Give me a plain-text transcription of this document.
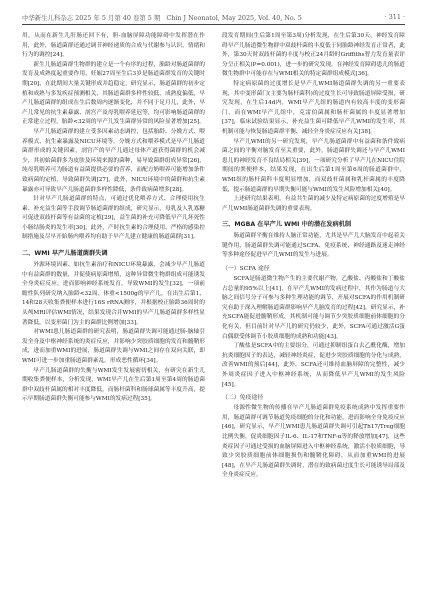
中华新生儿科杂志 2025 年 5 月第 40 卷第 5 期 Chin J Neonatol, May 2025, Vol. 40, No. 5	· 311 ·

用，从而在新生儿肝肠还回下有，胆-血脑屏障功能障碍中发挥潜在作用，此外，肠道菌群还通过调节神经递质的合成与代谢参与认识，情绪和行为的调控[24]。

新生儿肠道菌群生物群的建立是一个有序的过程，胎龄对肠道菌群的发育及成熟度起重要作用，妊娠27周至生后3岁是肠道菌群发育的关键时期[20]，在此期间大量关键形成并趋稳定，研究显示，肠道菌群的初步定植和成熟与多发疾症预测相关，其肠道菌群多样性较低，成熟度偏低，早产儿肠道菌群的组成在生后数周内逐渐变化，并不同于足月儿，此外，早产儿常见的抗生素暴露、剖宫产及母乳喂养延迟等，均可影响肠道菌群的正常建立过程，胎龄<32周的早产儿发生菌群异常的风险显著增加[25]。

早产儿肠道菌群的建立受多因素动态调控，包括胎龄、分娩方式、喂养模式、抗生素暴露及NICU环境等。分娩方式和喂养模式是早产儿肠道菌群形成的关键因素，剖宫产的早产儿通过母体产道获得菌群的机会减少，其初始菌群多为皮肤及环境来源的菌种，易导致菌群组成异常[26]，纯母乳喂养可为肠道有益菌提供必要的营养，而配方奶喂养可能增加条件致病菌的定植，导致菌群失调[27]，此外，NICU环境中的菌群和抗生素暴露亦可导致早产儿肠道菌群多样性降低，条件致病菌增多[28]。

针对早产儿肠道菌群的特点，可通过优化喂养方式、合理使用抗生素、补充益生菌等手段调节肠道菌群的组成，研究显示，母乳及人乳寡糖可促进双歧杆菌等有益菌的定植[29]，益生菌的补充可降低早产儿坏死性小肠结肠炎的发生率[30]，此外，产时抗生素的合理使用、严格的感染控制措施及尽早开始肠内喂养均有助于早产儿建立健康的肠道菌群[31]。

二、WMI 早产儿肠道菌群失调

外源环境因素、如抗生素治疗和NICU环境暴露，会减少早产儿肠道中有益菌群的数量，并促使病原菌增殖，这种异常微生物群组成可能诱发全身炎症反应，进而影响神经系统发育，导致WMI的发生[32]，一项前瞻性队列研究纳入胎龄<32周、体重<1500g的早产儿，在出生后第1、14和28天收集粪便样本进行16S rRNA测序，并根据校正胎龄36周时的头颅MRI评估WMI情况，结果发现合并WMI的早产儿肠道菌群多样性显著降低，以变形菌门为主的菌群比例增加[33]。

对WMI患儿肠道菌群的研究表明，肠道菌群失调可能通过肠-脑轴引发全身及中枢神经系统的炎症反应，并影响少突胶质细胞的发育和髓鞘形成，进而加重WMI的进展，肠道菌群失调与WMI之间存在双向关联，即WMI可进一步加重肠道菌群紊乱，形成恶性循环[34]。

早产儿肠道菌群的失衡与WMI发生发展密切相关，有研究在新生儿期收集粪便样本，分析发现，WMI早产儿在生后第1周至第4周的肠道菌群中双歧杆菌属的相对丰度降低，而肠杆菌科和肠球菌属等丰度升高，提示早期肠道菌群失衡可能参与WMI的发病过程[35]。

段发育期间(生后第1周至第3周)分析发现，在生后第30天，神经发育障碍早产儿肠道微生物群中双歧杆菌的丰度低于同胎龄神经发育正常者，此外，第30天时双歧杆菌的丰度与校正24月龄时Griffiths智力发育量表评分呈正相关(P=0.001)，进一步的研究发现，在神经发育障碍患儿的肠道微生物群中可能存在与WMI相关的特定菌群组成模式[36]。

特定病原菌的过度增长是早产儿WMI肠道菌群失调的另一重要表现，其中变形菌门(主要为肠杆菌科)的过度生长可导致肠道屏障受损，研究发现，在生后14d内，WMI早产儿组的肠道内有较高丰度的变形菌门，而在WMI早产儿组中，克雷伯菌属和肠杆菌属的丰度显著增加[37]，临床试验结果显示，补充益生菌可降低早产儿WMI的发生率，其机制可能与恢复肠道菌群平衡、减轻全身炎症反应有关[38]。

早产儿WMI的另一研究发现，早产儿肠道菌群中有益菌和条件致病菌之间的平衡对脑发育至关重要，此外，肠道菌群失调还与早产儿WMI患儿的神经发育不良结局相关[39]，一项研究分析了早产儿在NICU住院期间的粪便样本，结果发现，在出生后第1周至第6周的肠道菌群中，WMI组的肠杆菌科丰度明显增加，而双歧杆菌属和乳杆菌属的丰度降低，提示肠道菌群的早期失衡可能与WMI的发生风险增加相关[40]。

上述研究结果表明，有益共生菌的减少及特定病原菌的过度增殖是早产儿WMI肠道菌群失调的重要表现。

三、MGBA 在早产儿 WMI 中的潜在发病机制

肠道菌群平衡在维持人脑正常功能，尤其是早产儿大脑发育中起着关键作用，肠道菌群失调可能通过SCFA、免疫系统、神经通路及迷走神经等多种途径促进早产儿WMI的发生与进展。

（一）SCFA 途径

SCFA是肠道微生物产生的主要代谢产物，乙酸盐、丙酸盐和丁酸盐占总量的95%以上[41]，在早产儿WMI的发病过程中，其作为肠道与大脑之间信号分子可参与多种生理功能的调节，开展对SCFA的作用机制研究有助于深入理解肠道菌群影响早产儿脑发育的过程[42]，研究显示，补充SCFA能促进髓鞘形成，其机制可能与调节少突胶质细胞前体细胞的分化有关，但目前针对早产儿的研究仍较少，此外，SCFA可通过激活G蛋白偶联受体调节小胶质细胞的成熟和功能[43]。

丁酸盐是SCFA中的主要组分，可通过抑制组蛋白去乙酰化酶，增加抗炎细胞因子的表达，减轻神经炎症，促进少突胶质细胞的分化与成熟，改善WMI的预后[44]，此外，SCFA还可维持血脑屏障的完整性，减少外周炎症因子进入中枢神经系统，从而降低早产儿WMI的发生风险[45]。

（二）免疫途径

母源性微生物的传播在早产儿肠道菌群免疫系统成熟中发挥重要作用，肠道菌群可调节肠道免疫细胞的分化和功能，进而影响全身免疫反应[46]，研究显示，早产儿WMI患儿肠道菌群失调可引起Th17/Treg细胞比例失衡，促炎细胞因子IL-6、IL-17和TNF-α等的释放增加[47]，这些炎症因子可通过受损的血脑屏障进入中枢神经系统，激活小胶质细胞，导致少突胶质细胞前体细胞损伤和髓鞘化障碍，从而加重WMI的进展[48]，在早产儿肠道菌群失调时，潜在的致病菌过度生长可能诱导局部及全身炎症反应。
